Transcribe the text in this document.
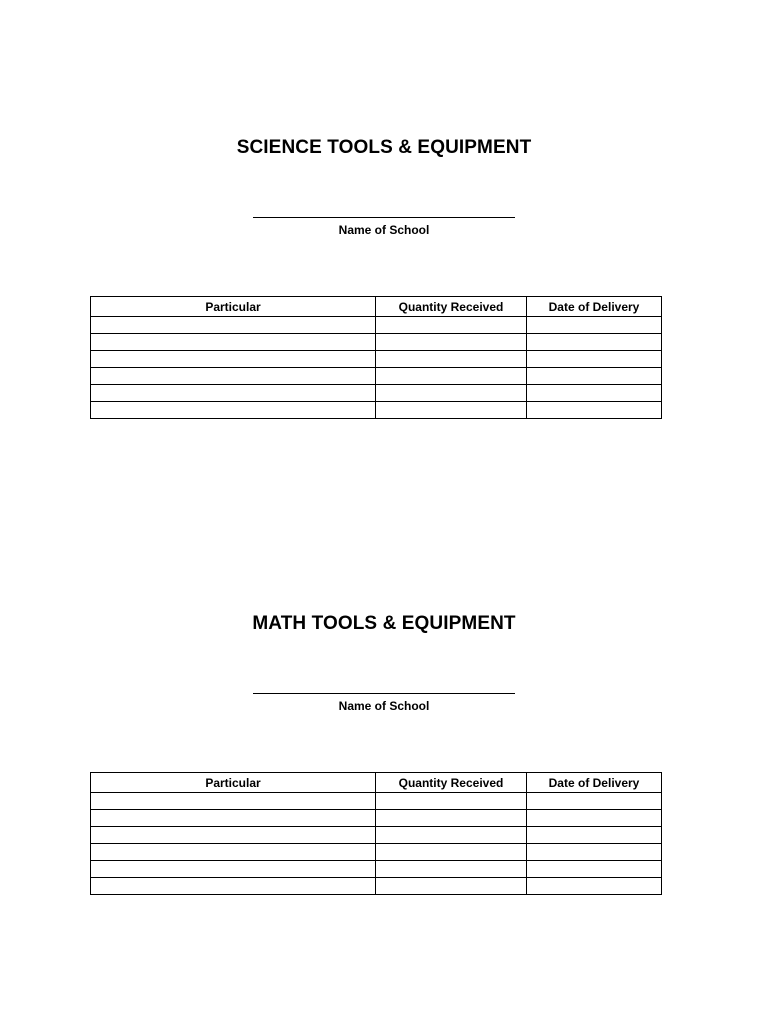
SCIENCE TOOLS & EQUIPMENT
Name of School
Particular	Quantity Received	Date of Delivery

MATH TOOLS & EQUIPMENT
Name of School
Particular	Quantity Received	Date of Delivery
